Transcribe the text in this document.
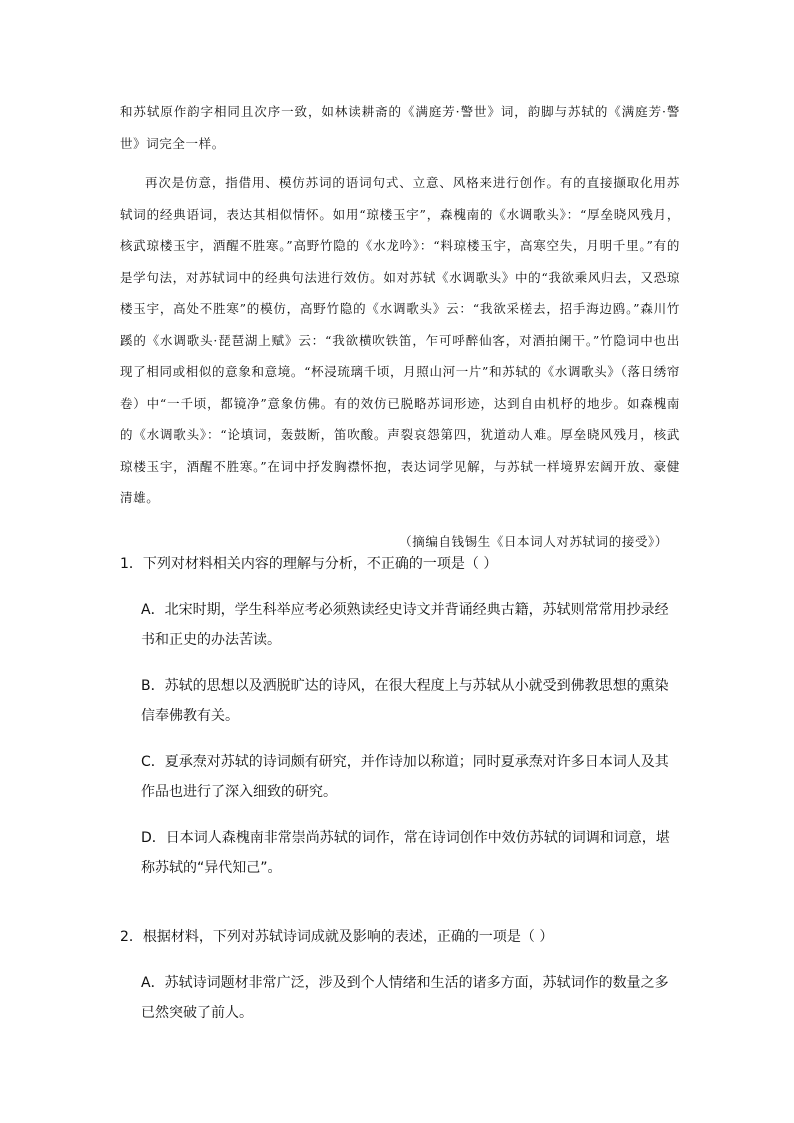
和苏轼原作韵字相同且次序一致，如林读耕斋的《满庭芳·警世》词，韵脚与苏轼的《满庭芳·警世》词完全一样。

再次是仿意，指借用、模仿苏词的语词句式、立意、风格来进行创作。有的直接撷取化用苏轼词的经典语词，表达其相似情怀。如用“琼楼玉宇”，森槐南的《水调歌头》：“厚垒晓风残月，核武琼楼玉宇，酒醒不胜寒。”高野竹隐的《水龙吟》：“料琼楼玉宇，高寒空失，月明千里。”有的是学句法，对苏轼词中的经典句法进行效仿。如对苏轼《水调歌头》中的“我欲乘风归去，又恐琼楼玉宇，高处不胜寒”的模仿，高野竹隐的《水调歌头》云：“我欲采槎去，招手海边鸥。”森川竹蹊的《水调歌头·琵琶湖上赋》云：“我欲横吹铁笛，乍可呼醉仙客，对酒拍阑干。”竹隐词中也出现了相同或相似的意象和意境。“杯浸琉璃千顷，月照山河一片”和苏轼的《水调歌头》（落日绣帘卷）中“一千顷，都镜净”意象仿佛。有的效仿已脱略苏词形迹，达到自由机杼的地步。如森槐南的《水调歌头》：“论填词，轰鼓断，笛吹酸。声裂哀怨第四，犹道动人难。厚垒晓风残月，核武琼楼玉宇，酒醒不胜寒。”在词中抒发胸襟怀抱，表达词学见解，与苏轼一样境界宏阔开放、豪健清雄。

（摘编自钱锡生《日本词人对苏轼词的接受》）

1．下列对材料相关内容的理解与分析，不正确的一项是（ ）

A．北宋时期，学生科举应考必须熟读经史诗文并背诵经典古籍，苏轼则常常用抄录经书和正史的办法苦读。
B．苏轼的思想以及洒脱旷达的诗风，在很大程度上与苏轼从小就受到佛教思想的熏染信奉佛教有关。
C．夏承焘对苏轼的诗词颇有研究，并作诗加以称道；同时夏承焘对许多日本词人及其作品也进行了深入细致的研究。
D．日本词人森槐南非常崇尚苏轼的词作，常在诗词创作中效仿苏轼的词调和词意，堪称苏轼的“异代知己”。

2．根据材料，下列对苏轼诗词成就及影响的表述，正确的一项是（ ）

A．苏轼诗词题材非常广泛，涉及到个人情绪和生活的诸多方面，苏轼词作的数量之多已然突破了前人。
